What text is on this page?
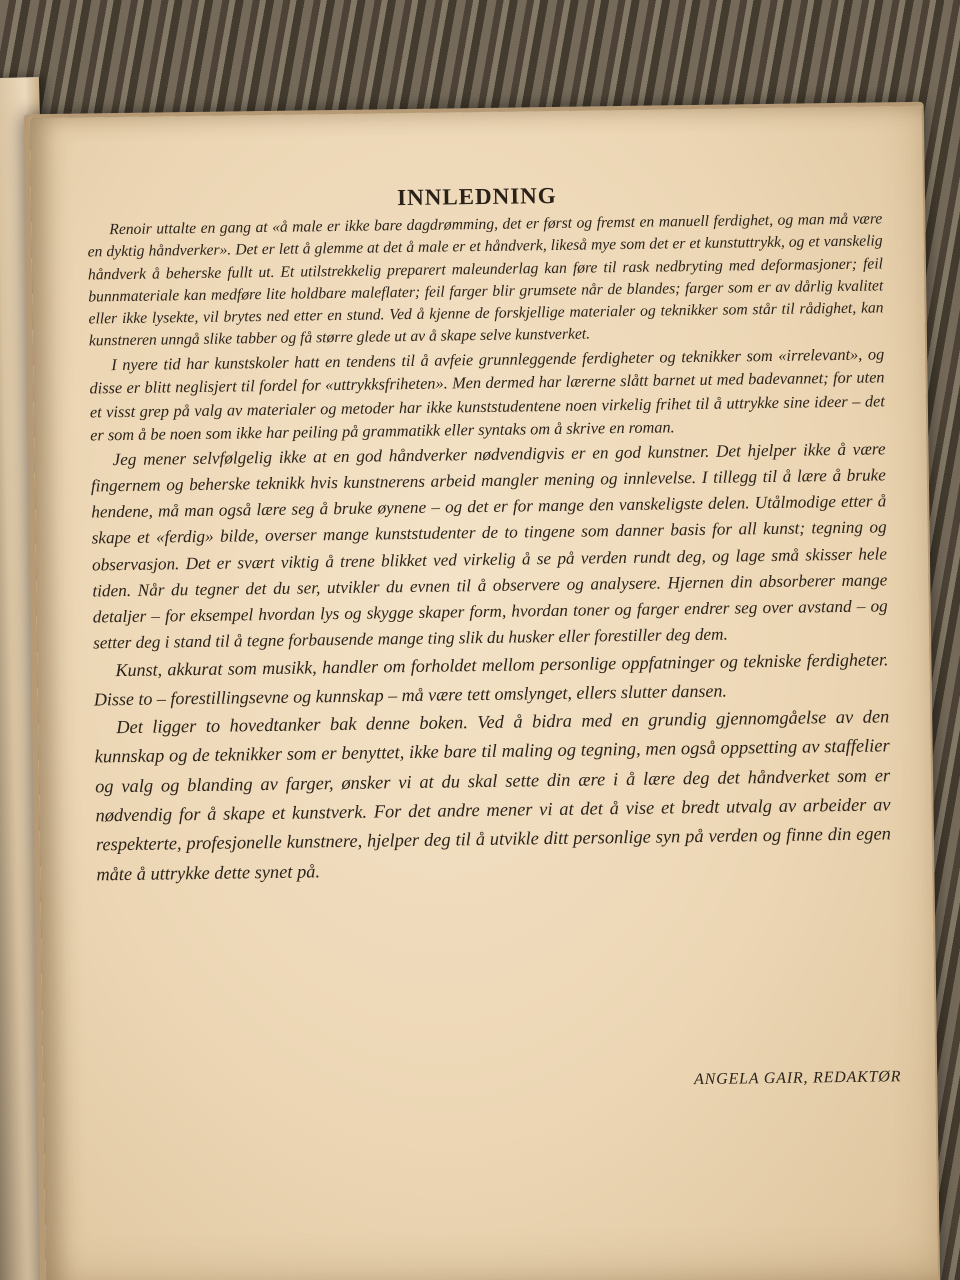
INNLEDNING

Renoir uttalte en gang at «å male er ikke bare dagdrømming, det er først og fremst en manuell ferdighet, og man må være en dyktig håndverker». Det er lett å glemme at det å male er et håndverk, likeså mye som det er et kunstuttrykk, og et vanskelig håndverk å beherske fullt ut. Et utilstrekkelig preparert maleunderlag kan føre til rask nedbryting med deformasjoner; feil bunnmateriale kan medføre lite holdbare maleflater; feil farger blir grumsete når de blandes; farger som er av dårlig kvalitet eller ikke lysekte, vil brytes ned etter en stund. Ved å kjenne de forskjellige materialer og teknikker som står til rådighet, kan kunstneren unngå slike tabber og få større glede ut av å skape selve kunstverket.

I nyere tid har kunstskoler hatt en tendens til å avfeie grunnleggende ferdigheter og teknikker som «irrelevant», og disse er blitt neglisjert til fordel for «uttrykksfriheten». Men dermed har lærerne slått barnet ut med badevannet; for uten et visst grep på valg av materialer og metoder har ikke kunststudentene noen virkelig frihet til å uttrykke sine ideer – det er som å be noen som ikke har peiling på grammatikk eller syntaks om å skrive en roman.

Jeg mener selvfølgelig ikke at en god håndverker nødvendigvis er en god kunstner. Det hjelper ikke å være fingernem og beherske teknikk hvis kunstnerens arbeid mangler mening og innlevelse. I tillegg til å lære å bruke hendene, må man også lære seg å bruke øynene – og det er for mange den vanskeligste delen. Utålmodige etter å skape et «ferdig» bilde, overser mange kunststudenter de to tingene som danner basis for all kunst; tegning og observasjon. Det er svært viktig å trene blikket ved virkelig å se på verden rundt deg, og lage små skisser hele tiden. Når du tegner det du ser, utvikler du evnen til å observere og analysere. Hjernen din absorberer mange detaljer – for eksempel hvordan lys og skygge skaper form, hvordan toner og farger endrer seg over avstand – og setter deg i stand til å tegne forbausende mange ting slik du husker eller forestiller deg dem.

Kunst, akkurat som musikk, handler om forholdet mellom personlige oppfatninger og tekniske ferdigheter. Disse to – forestillingsevne og kunnskap – må være tett omslynget, ellers slutter dansen.

Det ligger to hovedtanker bak denne boken. Ved å bidra med en grundig gjennomgåelse av den kunnskap og de teknikker som er benyttet, ikke bare til maling og tegning, men også oppsetting av staffelier og valg og blanding av farger, ønsker vi at du skal sette din ære i å lære deg det håndverket som er nødvendig for å skape et kunstverk. For det andre mener vi at det å vise et bredt utvalg av arbeider av respekterte, profesjonelle kunstnere, hjelper deg til å utvikle ditt personlige syn på verden og finne din egen måte å uttrykke dette synet på.

ANGELA GAIR, REDAKTØR
